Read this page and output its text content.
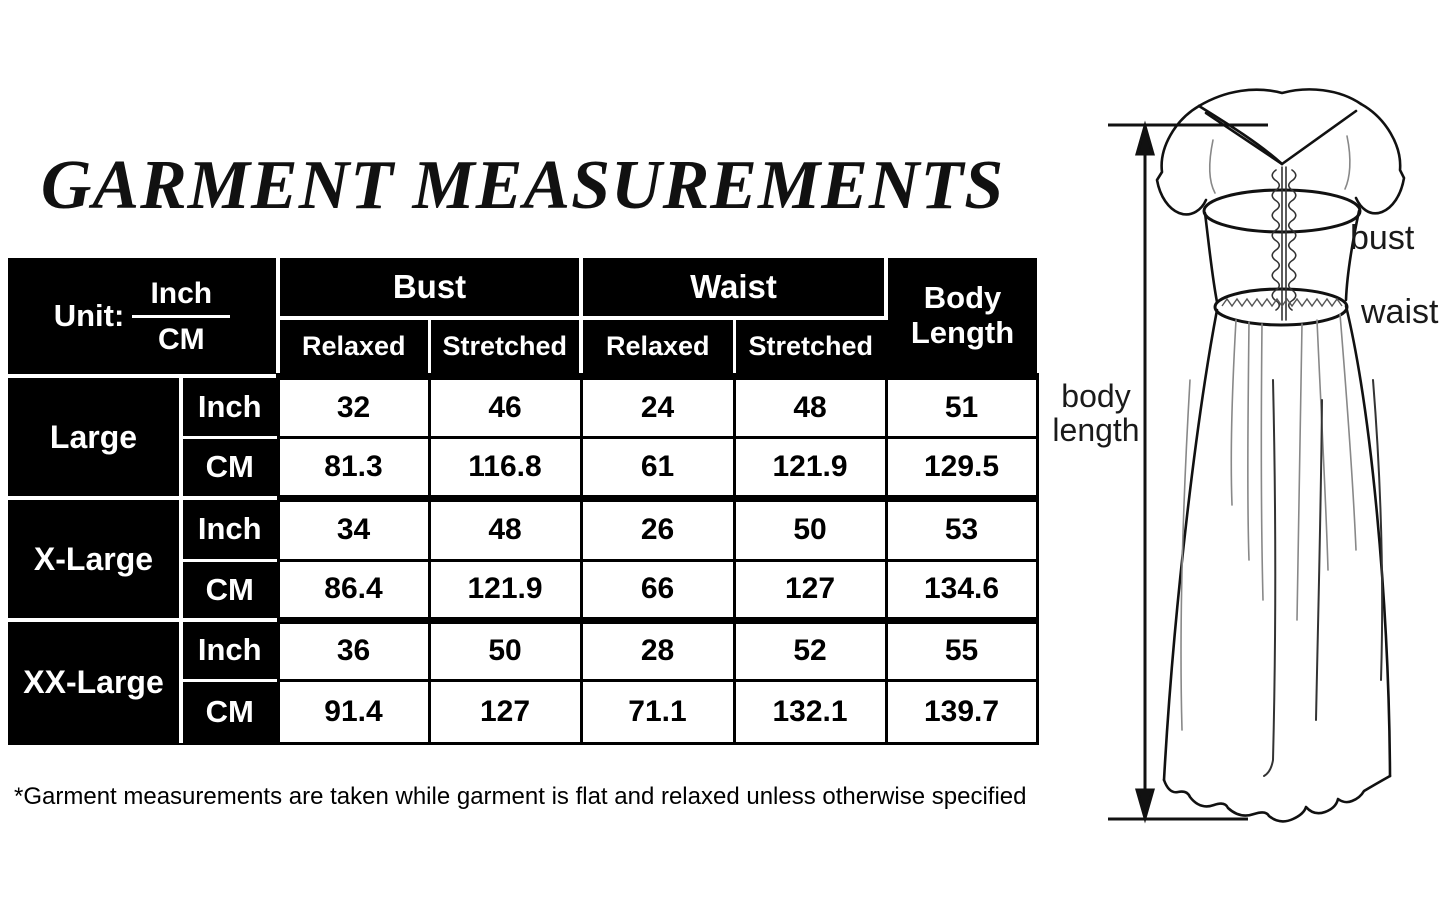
GARMENT MEASUREMENTS
Unit: $\frac{\text{Inch}}{CM}$		Bust		Waist		Body Length

		Relaxed	Stretched	Relaxed	Stretched	
Large	Inch	32	46	24	48	51
	CM	81.3	116.8	61	121.9	129.5
X-Large	Inch	34	48	26	50	53
	CM	86.4	121.9	66	127	134.6
XX-Large	Inch	36	50	28	52	55
	CM	91.4	127	71.1	132.1	139.7
*Garment measurements are taken while garment is flat and relaxed unless otherwise specified
bust
waist
body length
